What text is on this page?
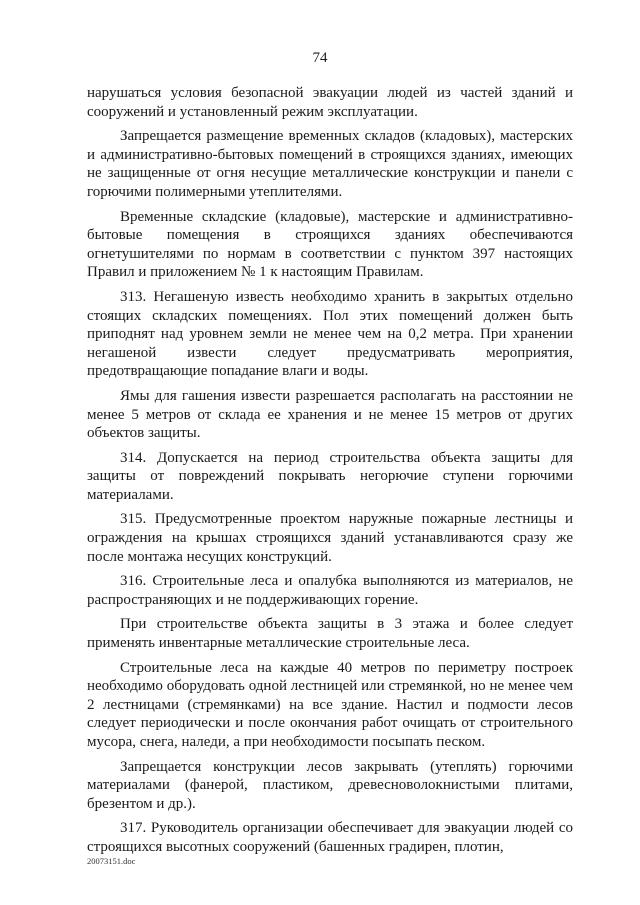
74

нарушаться условия безопасной эвакуации людей из частей зданий и сооружений и установленный режим эксплуатации.

Запрещается размещение временных складов (кладовых), мастерских и административно-бытовых помещений в строящихся зданиях, имеющих не защищенные от огня несущие металлические конструкции и панели с горючими полимерными утеплителями.

Временные складские (кладовые), мастерские и административно-бытовые помещения в строящихся зданиях обеспечиваются огнетушителями по нормам в соответствии с пунктом 397 настоящих Правил и приложением № 1 к настоящим Правилам.

313. Негашеную известь необходимо хранить в закрытых отдельно стоящих складских помещениях. Пол этих помещений должен быть приподнят над уровнем земли не менее чем на 0,2 метра. При хранении негашеной извести следует предусматривать мероприятия, предотвращающие попадание влаги и воды.

Ямы для гашения извести разрешается располагать на расстоянии не менее 5 метров от склада ее хранения и не менее 15 метров от других объектов защиты.

314. Допускается на период строительства объекта защиты для защиты от повреждений покрывать негорючие ступени горючими материалами.

315. Предусмотренные проектом наружные пожарные лестницы и ограждения на крышах строящихся зданий устанавливаются сразу же после монтажа несущих конструкций.

316. Строительные леса и опалубка выполняются из материалов, не распространяющих и не поддерживающих горение.

При строительстве объекта защиты в 3 этажа и более следует применять инвентарные металлические строительные леса.

Строительные леса на каждые 40 метров по периметру построек необходимо оборудовать одной лестницей или стремянкой, но не менее чем 2 лестницами (стремянками) на все здание. Настил и подмости лесов следует периодически и после окончания работ очищать от строительного мусора, снега, наледи, а при необходимости посыпать песком.

Запрещается конструкции лесов закрывать (утеплять) горючими материалами (фанерой, пластиком, древесноволокнистыми плитами, брезентом и др.).

317. Руководитель организации обеспечивает для эвакуации людей со строящихся высотных сооружений (башенных градирен, плотин,

20073151.doc
